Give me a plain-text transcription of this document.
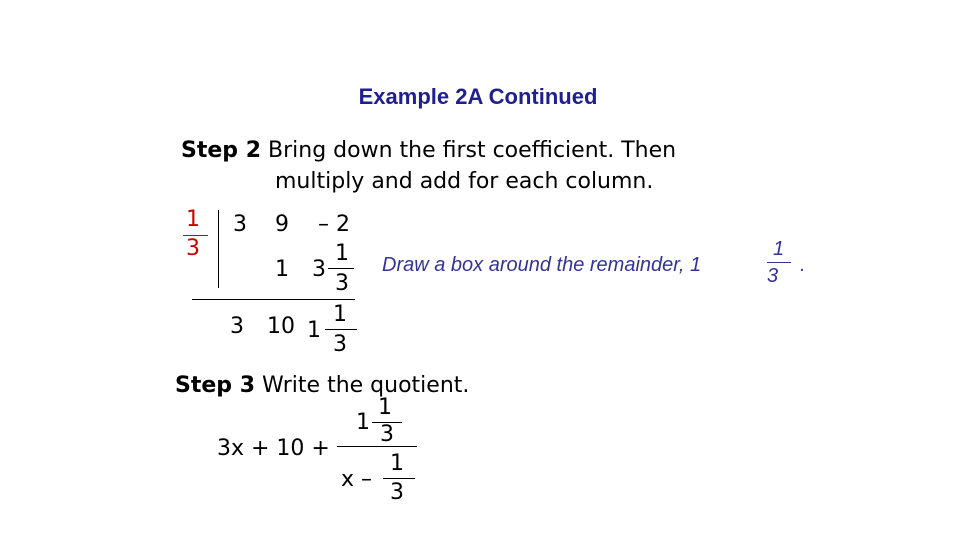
Example 2A Continued
Step 2 Bring down the first coefficient. Then
multiply and add for each column.
1
3
3 9 – 2
1 3
1
3
3 10 1
1
3
Draw a box around the remainder, 1
1
3 .
Step 3 Write the quotient.
3x + 10 +
1
1
3
x –
1
3
